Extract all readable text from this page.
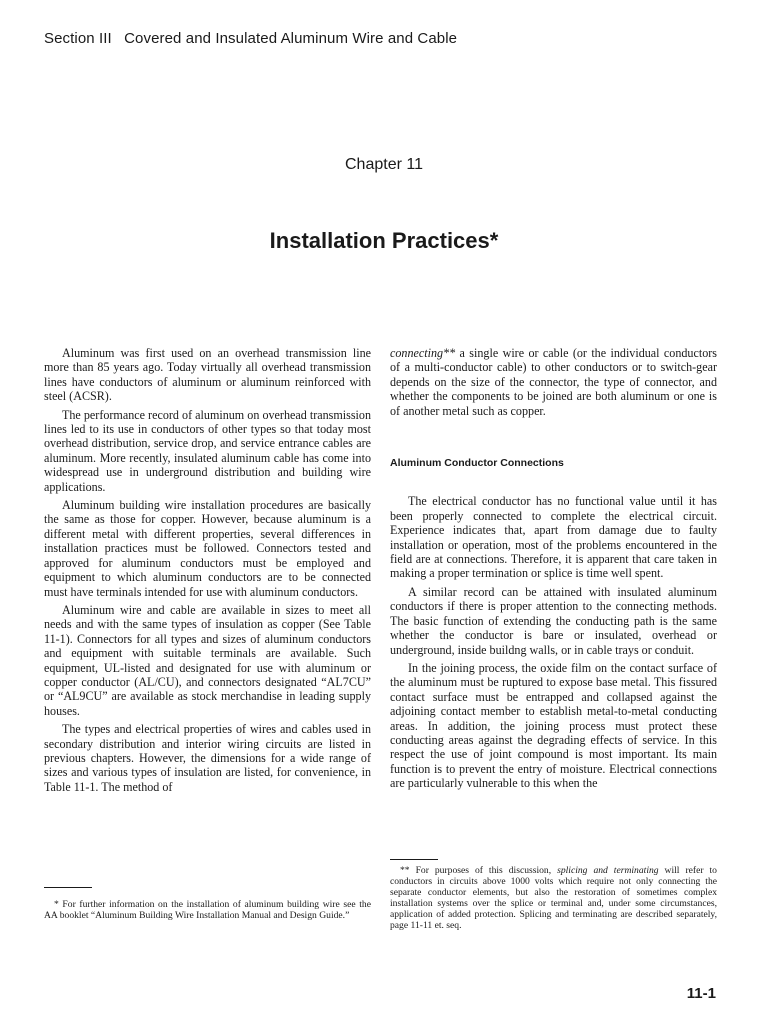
Section III Covered and Insulated Aluminum Wire and Cable
Chapter 11
Installation Practices*

Aluminum was first used on an overhead transmission line more than 85 years ago. Today virtually all overhead transmission lines have conductors of aluminum or aluminum reinforced with steel (ACSR).

The performance record of aluminum on overhead transmission lines led to its use in conductors of other types so that today most overhead distribution, service drop, and service entrance cables are aluminum. More recently, insulated aluminum cable has come into widespread use in underground distribution and building wire applications.

Aluminum building wire installation procedures are basically the same as those for copper. However, because aluminum is a different metal with different properties, several differences in installation practices must be followed. Connectors tested and approved for aluminum conductors must be employed and equipment to which aluminum conductors are to be connected must have terminals intended for use with aluminum conductors.

Aluminum wire and cable are available in sizes to meet all needs and with the same types of insulation as copper (See Table 11-1). Connectors for all types and sizes of aluminum conductors and equipment with suitable terminals are available. Such equipment, UL-listed and designated for use with aluminum or copper conductor (AL/CU), and connectors designated “AL7CU” or “AL9CU” are available as stock merchandise in leading supply houses.

The types and electrical properties of wires and cables used in secondary distribution and interior wiring circuits are listed in previous chapters. However, the dimensions for a wide range of sizes and various types of insulation are listed, for convenience, in Table 11-1. The method of

connecting** a single wire or cable (or the individual conductors of a multi-conductor cable) to other conductors or to switch-gear depends on the size of the connector, the type of connector, and whether the components to be joined are both aluminum or one is of another metal such as copper.

Aluminum Conductor Connections

The electrical conductor has no functional value until it has been properly connected to complete the electrical circuit. Experience indicates that, apart from damage due to faulty installation or operation, most of the problems encountered in the field are at connections. Therefore, it is apparent that care taken in making a proper termination or splice is time well spent.

A similar record can be attained with insulated aluminum conductors if there is proper attention to the connecting methods. The basic function of extending the conducting path is the same whether the conductor is bare or insulated, overhead or underground, inside buildng walls, or in cable trays or conduit.

In the joining process, the oxide film on the contact surface of the aluminum must be ruptured to expose base metal. This fissured contact surface must be entrapped and collapsed against the adjoining contact member to establish metal-to-metal conducting areas. In addition, the joining process must protect these conducting areas against the degrading effects of service. In this respect the use of joint compound is most important. Its main function is to prevent the entry of moisture. Electrical connections are particularly vulnerable to this when the

** For purposes of this discussion, splicing and terminating will refer to conductors in circuits above 1000 volts which require not only connecting the separate conductor elements, but also the restoration of sometimes complex installation systems over the splice or terminal and, under some circumstances, application of added protection. Splicing and terminating are described separately, page 11-11 et. seq.

* For further information on the installation of aluminum building wire see the AA booklet “Aluminum Building Wire Installation Manual and Design Guide.”

11-1
